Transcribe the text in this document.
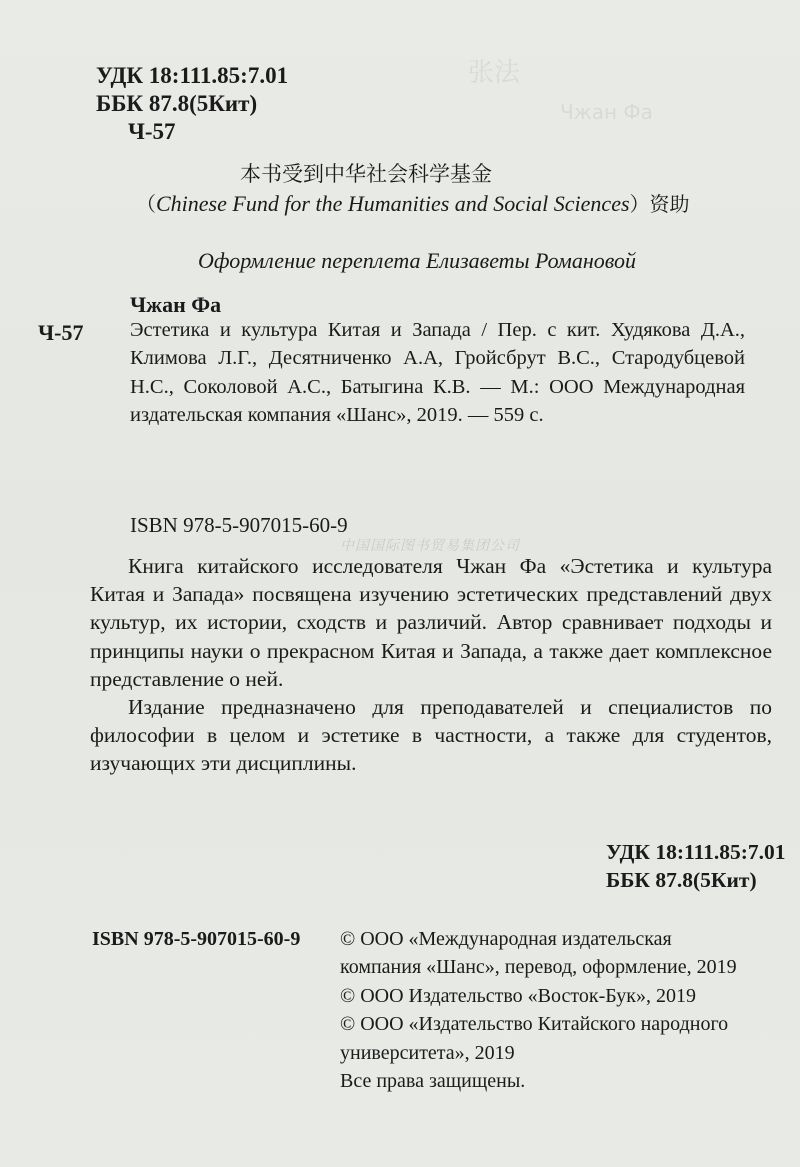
张法
Чжан Фа
УДК 18:111.85:7.01
ББК 87.8(5Кит)
Ч-57
本书受到中华社会科学基金
（Chinese Fund for the Humanities and Social Sciences）资助
Оформление переплета Елизаветы Романовой
Чжан Фа
Ч-57 Эстетика и культура Китая и Запада / Пер. с кит. Худякова Д.А., Климова Л.Г., Десятниченко А.А, Гройсбрут В.С., Стародубцевой Н.С., Соколовой А.С., Батыгина К.В. — М.: ООО Международная издательская компания «Шанс», 2019. — 559 с.
ISBN 978-5-907015-60-9
中国国际图书贸易集团公司

Книга китайского исследователя Чжан Фа «Эстетика и культура Китая и Запада» посвящена изучению эстетических представлений двух культур, их истории, сходств и различий. Автор сравнивает подходы и принципы науки о прекрасном Китая и Запада, а также дает комплексное представление о ней.

Издание предназначено для преподавателей и специалистов по философии в целом и эстетике в частности, а также для студентов, изучающих эти дисциплины.

УДК 18:111.85:7.01
ББК 87.8(5Кит)
ISBN 978-5-907015-60-9 © ООО «Международная издательская
компания «Шанс», перевод, оформление, 2019
© ООО Издательство «Восток-Бук», 2019
© ООО «Издательство Китайского народного
университета», 2019
Все права защищены.
